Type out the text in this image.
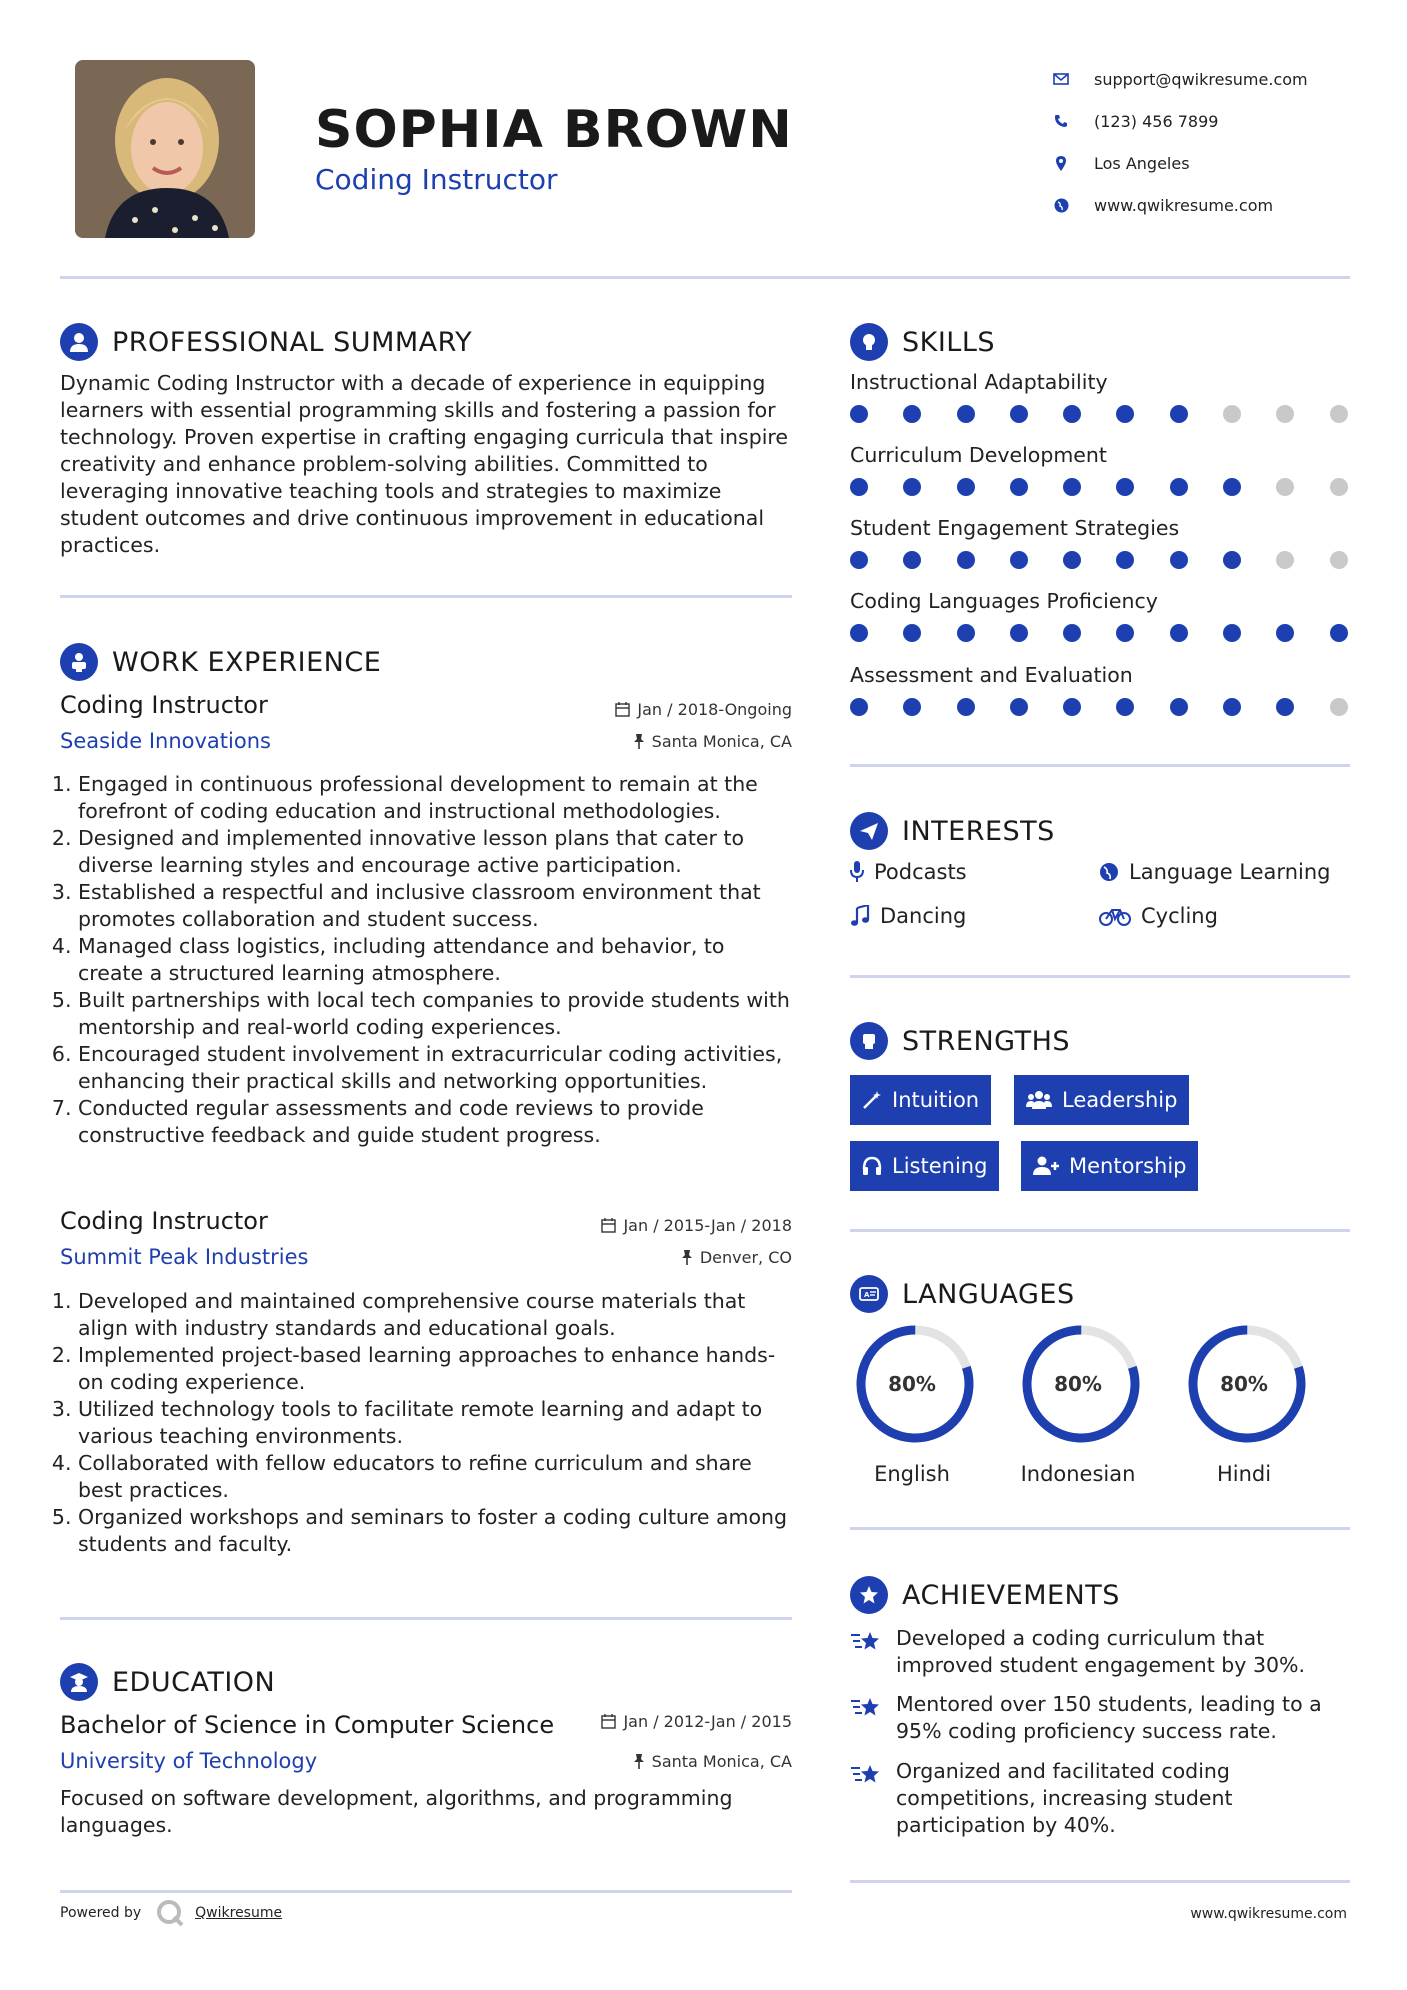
SOPHIA BROWN
Coding Instructor
support@qwikresume.com
(123) 456 7899
Los Angeles
www.qwikresume.com
PROFESSIONAL SUMMARY
Dynamic Coding Instructor with a decade of experience in equipping learners with essential programming skills and fostering a passion for technology. Proven expertise in crafting engaging curricula that inspire creativity and enhance problem-solving abilities. Committed to leveraging innovative teaching tools and strategies to maximize student outcomes and drive continuous improvement in educational practices.
WORK EXPERIENCE
Coding Instructor	Jan / 2018-Ongoing
Seaside Innovations	Santa Monica, CA
1. Engaged in continuous professional development to remain at the forefront of coding education and instructional methodologies.
2. Designed and implemented innovative lesson plans that cater to diverse learning styles and encourage active participation.
3. Established a respectful and inclusive classroom environment that promotes collaboration and student success.
4. Managed class logistics, including attendance and behavior, to create a structured learning atmosphere.
5. Built partnerships with local tech companies to provide students with mentorship and real-world coding experiences.
6. Encouraged student involvement in extracurricular coding activities, enhancing their practical skills and networking opportunities.
7. Conducted regular assessments and code reviews to provide constructive feedback and guide student progress.
Coding Instructor	Jan / 2015-Jan / 2018
Summit Peak Industries	Denver, CO
1. Developed and maintained comprehensive course materials that align with industry standards and educational goals.
2. Implemented project-based learning approaches to enhance hands-on coding experience.
3. Utilized technology tools to facilitate remote learning and adapt to various teaching environments.
4. Collaborated with fellow educators to refine curriculum and share best practices.
5. Organized workshops and seminars to foster a coding culture among students and faculty.
EDUCATION
Bachelor of Science in Computer Science	Jan / 2012-Jan / 2015
University of Technology	Santa Monica, CA
Focused on software development, algorithms, and programming languages.
SKILLS
Instructional Adaptability
Curriculum Development
Student Engagement Strategies
Coding Languages Proficiency
Assessment and Evaluation
INTERESTS
Podcasts	Language Learning
Dancing	Cycling
STRENGTHS
Intuition	Leadership
Listening	Mentorship
A LANGUAGES
80%
English
80%
Indonesian
80%
Hindi
ACHIEVEMENTS
Developed a coding curriculum that improved student engagement by 30%.
Mentored over 150 students, leading to a 95% coding proficiency success rate.
Organized and facilitated coding competitions, increasing student participation by 40%.
Powered by	Qwikresume	www.qwikresume.com
